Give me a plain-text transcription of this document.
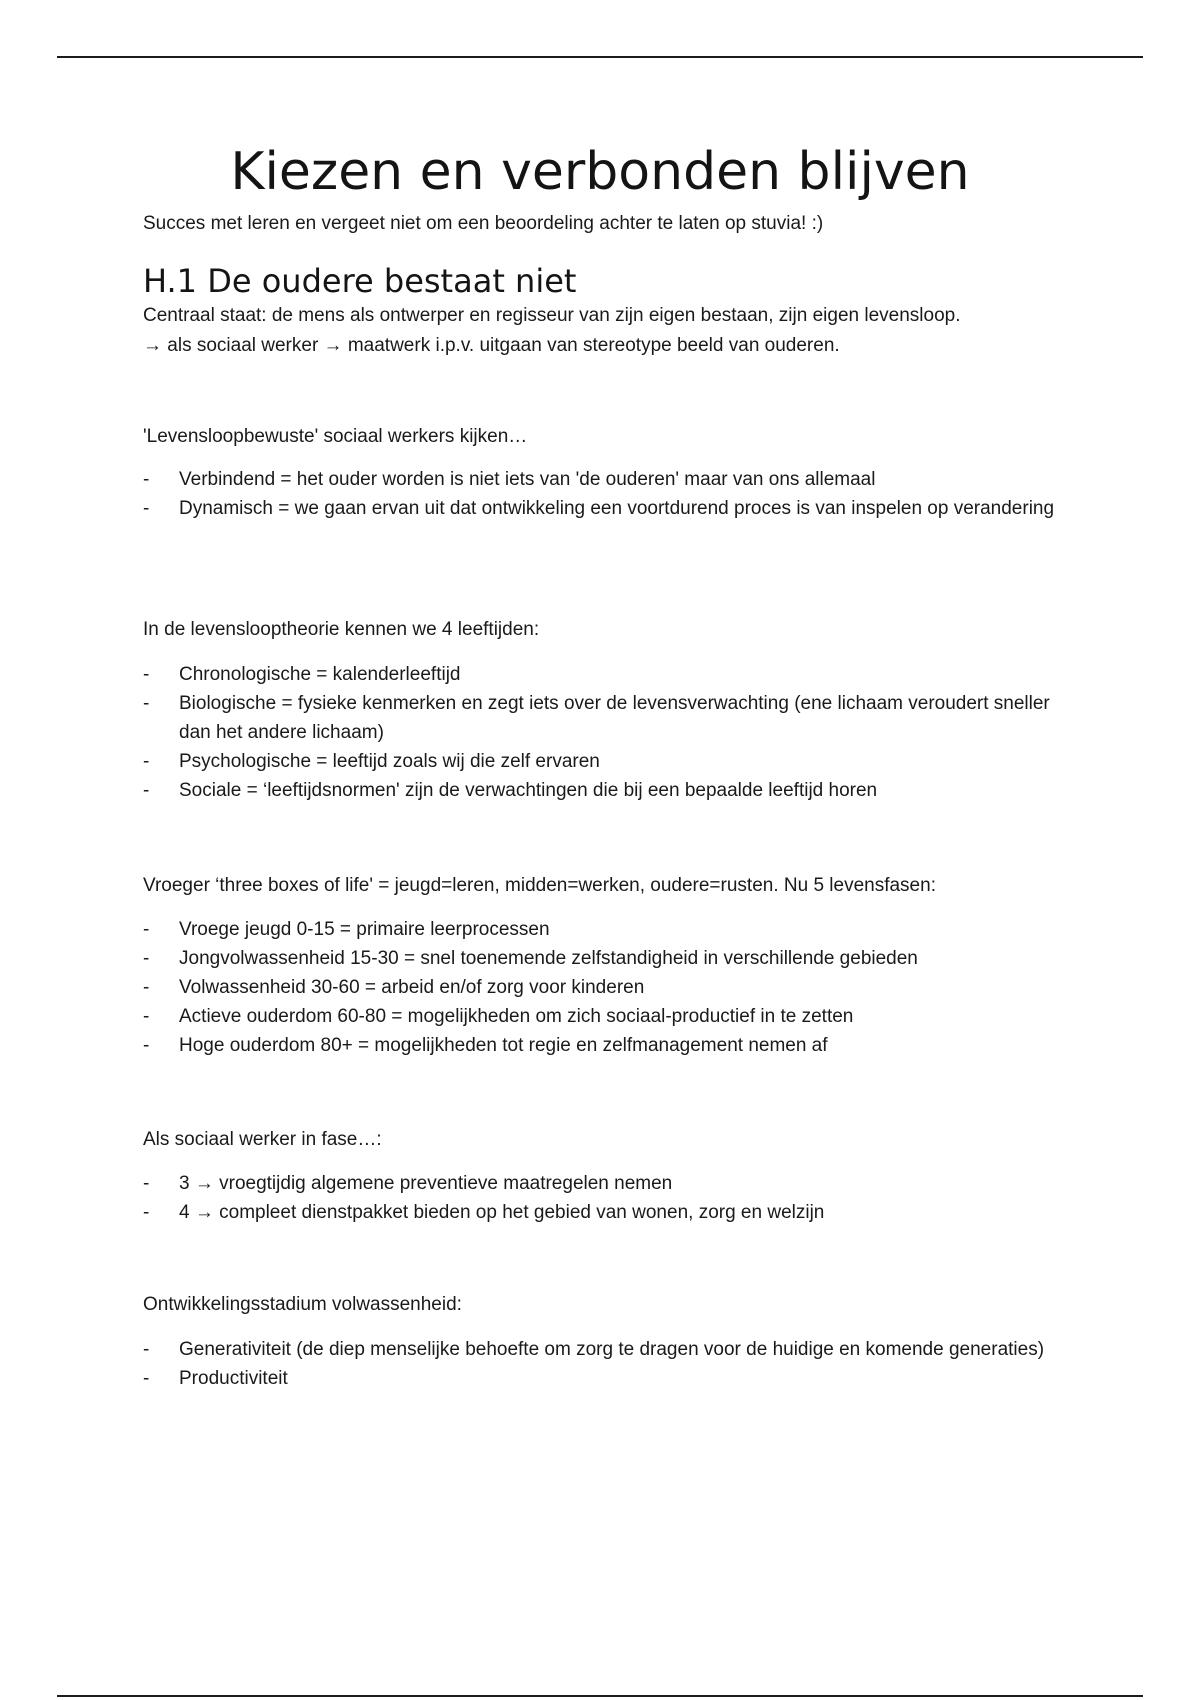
Kiezen en verbonden blijven

Succes met leren en vergeet niet om een beoordeling achter te laten op stuvia! :)

H.1 De oudere bestaat niet

Centraal staat: de mens als ontwerper en regisseur van zijn eigen bestaan, zijn eigen levensloop.

→ als sociaal werker → maatwerk i.p.v. uitgaan van stereotype beeld van ouderen.

'Levensloopbewuste' sociaal werkers kijken…

- Verbindend = het ouder worden is niet iets van 'de ouderen' maar van ons allemaal
- Dynamisch = we gaan ervan uit dat ontwikkeling een voortdurend proces is van inspelen op verandering

In de levenslooptheorie kennen we 4 leeftijden:

- Chronologische = kalenderleeftijd
- Biologische = fysieke kenmerken en zegt iets over de levensverwachting (ene lichaam veroudert sneller dan het andere lichaam)
- Psychologische = leeftijd zoals wij die zelf ervaren
- Sociale = ‘leeftijdsnormen' zijn de verwachtingen die bij een bepaalde leeftijd horen

Vroeger ‘three boxes of life' = jeugd=leren, midden=werken, oudere=rusten. Nu 5 levensfasen:

- Vroege jeugd 0-15 = primaire leerprocessen
- Jongvolwassenheid 15-30 = snel toenemende zelfstandigheid in verschillende gebieden
- Volwassenheid 30-60 = arbeid en/of zorg voor kinderen
- Actieve ouderdom 60-80 = mogelijkheden om zich sociaal-productief in te zetten
- Hoge ouderdom 80+ = mogelijkheden tot regie en zelfmanagement nemen af

Als sociaal werker in fase…:

- 3 → vroegtijdig algemene preventieve maatregelen nemen
- 4 → compleet dienstpakket bieden op het gebied van wonen, zorg en welzijn

Ontwikkelingsstadium volwassenheid:

- Generativiteit (de diep menselijke behoefte om zorg te dragen voor de huidige en komende generaties)
- Productiviteit
